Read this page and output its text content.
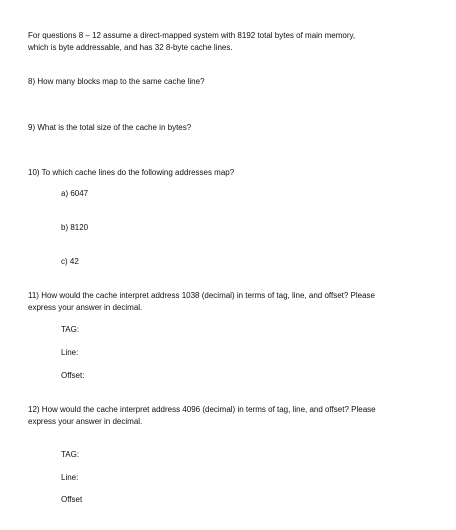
For questions 8 – 12 assume a direct-mapped system with 8192 total bytes of main memory,
which is byte addressable, and has 32 8-byte cache lines.
8) How many blocks map to the same cache line?
9) What is the total size of the cache in bytes?
10) To which cache lines do the following addresses map?
a) 6047
b) 8120
c) 42
11) How would the cache interpret address 1038 (decimal) in terms of tag, line, and offset? Please
express your answer in decimal.
TAG:
Line:
Offset:
12) How would the cache interpret address 4096 (decimal) in terms of tag, line, and offset? Please
express your answer in decimal.
TAG:
Line:
Offset
